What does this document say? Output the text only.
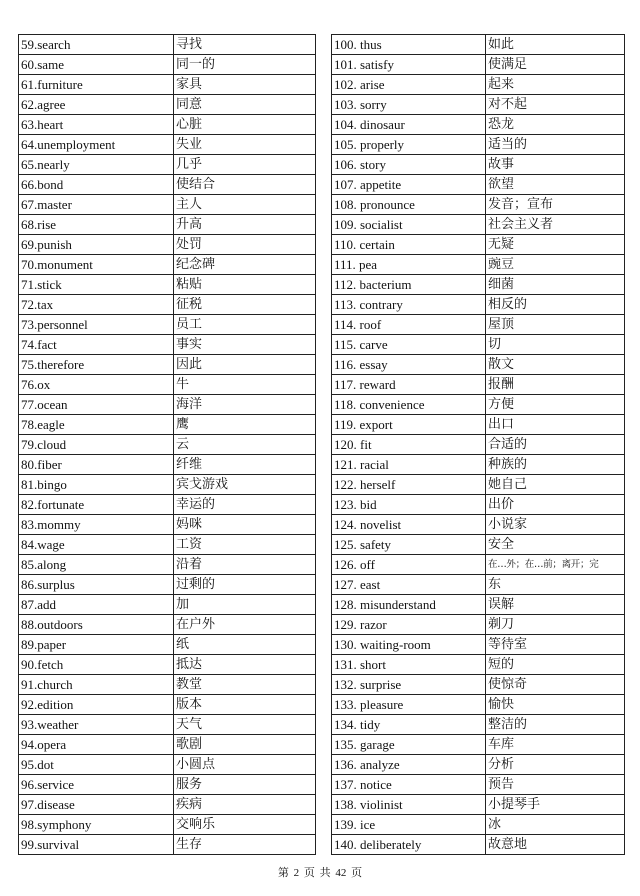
59.search	寻找
60.same	同一的
61.furniture	家具
62.agree	同意
63.heart	心脏
64.unemployment	失业
65.nearly	几乎
66.bond	使结合
67.master	主人
68.rise	升高
69.punish	处罚
70.monument	纪念碑
71.stick	粘贴
72.tax	征税
73.personnel	员工
74.fact	事实
75.therefore	因此
76.ox	牛
77.ocean	海洋
78.eagle	鹰
79.cloud	云
80.fiber	纤维
81.bingo	宾戈游戏
82.fortunate	幸运的
83.mommy	妈咪
84.wage	工资
85.along	沿着
86.surplus	过剩的
87.add	加
88.outdoors	在户外
89.paper	纸
90.fetch	抵达
91.church	教堂
92.edition	版本
93.weather	天气
94.opera	歌剧
95.dot	小圆点
96.service	服务
97.disease	疾病
98.symphony	交响乐
99.survival	生存
100. thus	如此
101. satisfy	使满足
102. arise	起来
103. sorry	对不起
104. dinosaur	恐龙
105. properly	适当的
106. story	故事
107. appetite	欲望
108. pronounce	发音；宣布
109. socialist	社会主义者
110. certain	无疑
111. pea	豌豆
112. bacterium	细菌
113. contrary	相反的
114. roof	屋顶
115. carve	切
116. essay	散文
117. reward	报酬
118. convenience	方便
119. export	出口
120. fit	合适的
121. racial	种族的
122. herself	她自己
123. bid	出价
124. novelist	小说家
125. safety	安全
126. off	在…外；在…前；离开；完
127. east	东
128. misunderstand	误解
129. razor	剃刀
130. waiting-room	等待室
131. short	短的
132. surprise	使惊奇
133. pleasure	愉快
134. tidy	整洁的
135. garage	车库
136. analyze	分析
137. notice	预告
138. violinist	小提琴手
139. ice	冰
140. deliberately	故意地
第 2 页 共 42 页
